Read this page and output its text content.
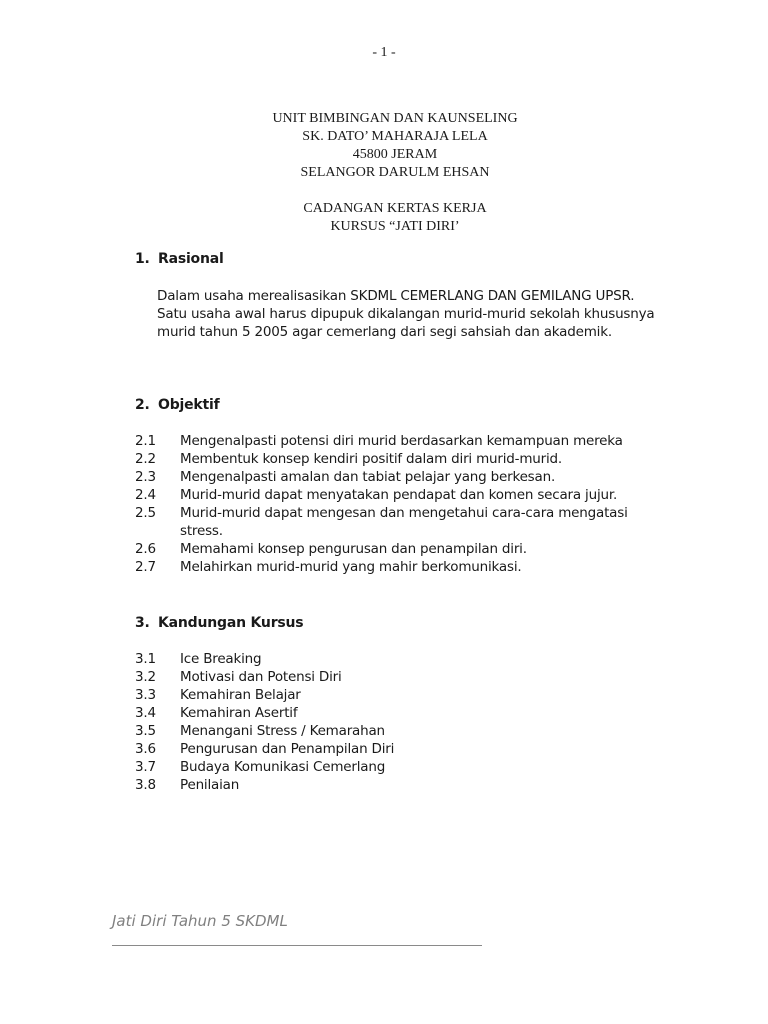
- 1 -
UNIT BIMBINGAN DAN KAUNSELING
SK. DATO’ MAHARAJA LELA
45800 JERAM
SELANGOR DARULM EHSAN
CADANGAN KERTAS KERJA
KURSUS “JATI DIRI’
1. Rasional
Dalam usaha merealisasikan SKDML CEMERLANG DAN GEMILANG UPSR. Satu usaha awal harus dipupuk dikalangan murid-murid sekolah khususnya murid tahun 5 2005 agar cemerlang dari segi sahsiah dan akademik.
2. Objektif
2.1 Mengenalpasti potensi diri murid berdasarkan kemampuan mereka
2.2 Membentuk konsep kendiri positif dalam diri murid-murid.
2.3 Mengenalpasti amalan dan tabiat pelajar yang berkesan.
2.4 Murid-murid dapat menyatakan pendapat dan komen secara jujur.
2.5 Murid-murid dapat mengesan dan mengetahui cara-cara mengatasi stress.
2.6 Memahami konsep pengurusan dan penampilan diri.
2.7 Melahirkan murid-murid yang mahir berkomunikasi.
3. Kandungan Kursus
3.1 Ice Breaking
3.2 Motivasi dan Potensi Diri
3.3 Kemahiran Belajar
3.4 Kemahiran Asertif
3.5 Menangani Stress / Kemarahan
3.6 Pengurusan dan Penampilan Diri
3.7 Budaya Komunikasi Cemerlang
3.8 Penilaian
Jati Diri Tahun 5 SKDML
